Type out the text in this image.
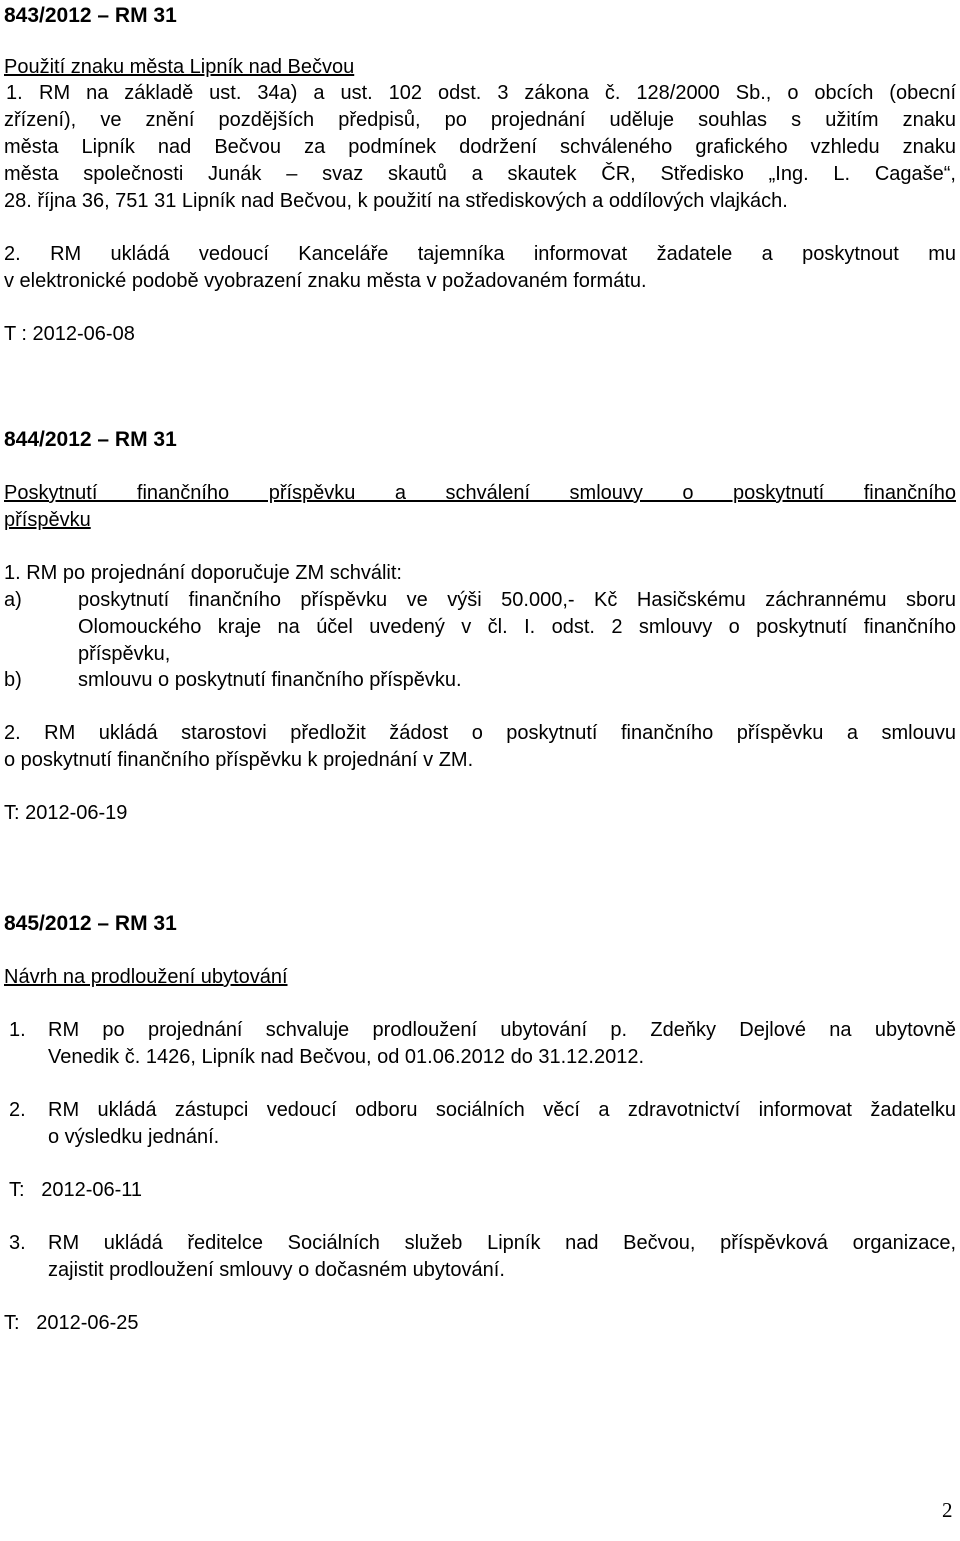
843/2012 – RM 31
Použití znaku města Lipník nad Bečvou
1. RM na základě ust. 34a) a ust. 102 odst. 3 zákona č. 128/2000 Sb., o obcích (obecní
zřízení), ve znění pozdějších předpisů, po projednání uděluje souhlas s užitím znaku
města Lipník nad Bečvou za podmínek dodržení schváleného grafického vzhledu znaku
města společnosti Junák – svaz skautů a skautek ČR, Středisko „Ing. L. Cagaše“,
28. října 36, 751 31 Lipník nad Bečvou, k použití na střediskových a oddílových vlajkách.
2. RM ukládá vedoucí Kanceláře tajemníka informovat žadatele a poskytnout mu
v elektronické podobě vyobrazení znaku města v požadovaném formátu.
T : 2012-06-08
844/2012 – RM 31
Poskytnutí finančního příspěvku a schválení smlouvy o poskytnutí finančního
příspěvku
1. RM po projednání doporučuje ZM schválit:
a)	poskytnutí finančního příspěvku ve výši 50.000,- Kč Hasičskému záchrannému sboru
Olomouckého kraje na účel uvedený v čl. I. odst. 2 smlouvy o poskytnutí finančního
příspěvku,
b)	smlouvu o poskytnutí finančního příspěvku.
2. RM ukládá starostovi předložit žádost o poskytnutí finančního příspěvku a smlouvu
o poskytnutí finančního příspěvku k projednání v ZM.
T: 2012-06-19
845/2012 – RM 31
Návrh na prodloužení ubytování
1. RM po projednání schvaluje prodloužení ubytování p. Zdeňky Dejlové na ubytovně
Venedik č. 1426, Lipník nad Bečvou, od 01.06.2012 do 31.12.2012.
2. RM ukládá zástupci vedoucí odboru sociálních věcí a zdravotnictví informovat žadatelku
o výsledku jednání.
T:   2012-06-11
3. RM ukládá ředitelce Sociálních služeb Lipník nad Bečvou, příspěvková organizace,
zajistit prodloužení smlouvy o dočasném ubytování.
T:   2012-06-25
2
